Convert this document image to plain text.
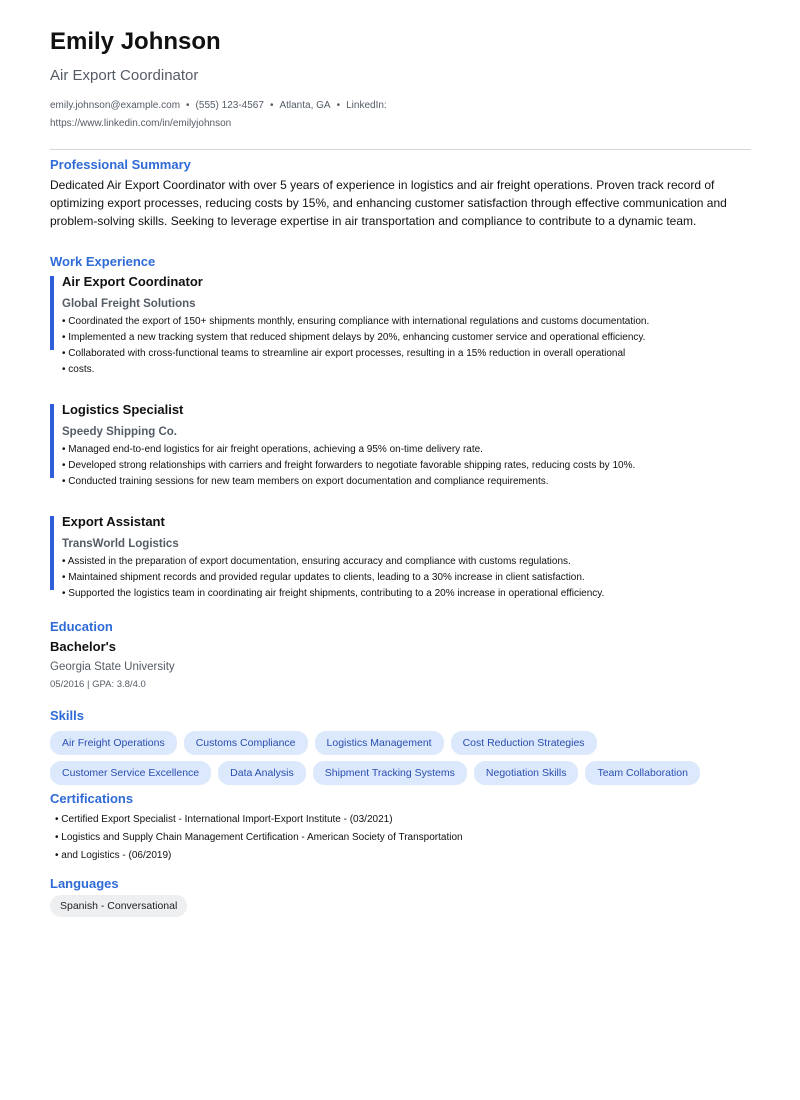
Emily Johnson
Air Export Coordinator
emily.johnson@example.com • (555) 123-4567 • Atlanta, GA • LinkedIn:
https://www.linkedin.com/in/emilyjohnson
Professional Summary

Dedicated Air Export Coordinator with over 5 years of experience in logistics and air freight operations. Proven track record of optimizing export processes, reducing costs by 15%, and enhancing customer satisfaction through effective communication and problem-solving skills. Seeking to leverage expertise in air transportation and compliance to contribute to a dynamic team.

Work Experience
Air Export Coordinator
Global Freight Solutions
• Coordinated the export of 150+ shipments monthly, ensuring compliance with international regulations and customs documentation.
• Implemented a new tracking system that reduced shipment delays by 20%, enhancing customer service and operational efficiency.
• Collaborated with cross-functional teams to streamline air export processes, resulting in a 15% reduction in overall operational
• costs.
Logistics Specialist
Speedy Shipping Co.
• Managed end-to-end logistics for air freight operations, achieving a 95% on-time delivery rate.
• Developed strong relationships with carriers and freight forwarders to negotiate favorable shipping rates, reducing costs by 10%.
• Conducted training sessions for new team members on export documentation and compliance requirements.
Export Assistant
TransWorld Logistics
• Assisted in the preparation of export documentation, ensuring accuracy and compliance with customs regulations.
• Maintained shipment records and provided regular updates to clients, leading to a 30% increase in client satisfaction.
• Supported the logistics team in coordinating air freight shipments, contributing to a 20% increase in operational efficiency.
Education
Bachelor's
Georgia State University
05/2016 | GPA: 3.8/4.0
Skills
Air Freight Operations	Customs Compliance	Logistics Management	Cost Reduction Strategies
Customer Service Excellence	Data Analysis	Shipment Tracking Systems	Negotiation Skills	Team Collaboration
Certifications
• Certified Export Specialist - International Import-Export Institute - (03/2021)
• Logistics and Supply Chain Management Certification - American Society of Transportation
• and Logistics - (06/2019)
Languages
Spanish - Conversational
